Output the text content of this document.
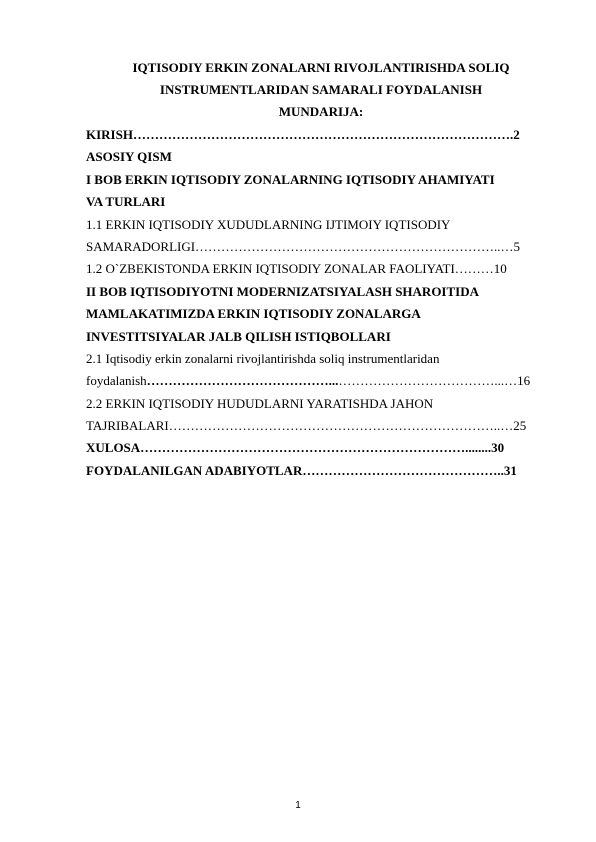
IQTISODIY ERKIN ZONALARNI RIVOJLANTIRISHDA SOLIQ
INSTRUMENTLARIDAN SAMARALI FOYDALANISH
MUNDARIJA:
KIRISH…………………………………………………………………………….2
ASOSIY QISM
I BOB ERKIN IQTISODIY ZONALARNING IQTISODIY AHAMIYATI
VA TURLARI
1.1 ERKIN IQTISODIY XUDUDLARNING IJTIMOIY IQTISODIY
SAMARADORLIGI……………………………………………………………..…5
1.2 O`ZBEKISTONDA ERKIN IQTISODIY ZONALAR FAOLIYATI………10
II BOB IQTISODIYOTNI MODERNIZATSIYALASH SHAROITIDA
MAMLAKATIMIZDA ERKIN IQTISODIY ZONALARGA
INVESTITSIYALAR JALB QILISH ISTIQBOLLARI
2.1 Iqtisodiy erkin zonalarni rivojlantirishda soliq instrumentlaridan
foydalanish……………………………………...………………………………...…16
2.2 ERKIN IQTISODIY HUDUDLARNI YARATISHDA JAHON
TAJRIBALARI…………………………………………………………………..…25
XULOSA…………………………………………………………………........30
FOYDALANILGAN ADABIYOTLAR………………………………………..31
1
